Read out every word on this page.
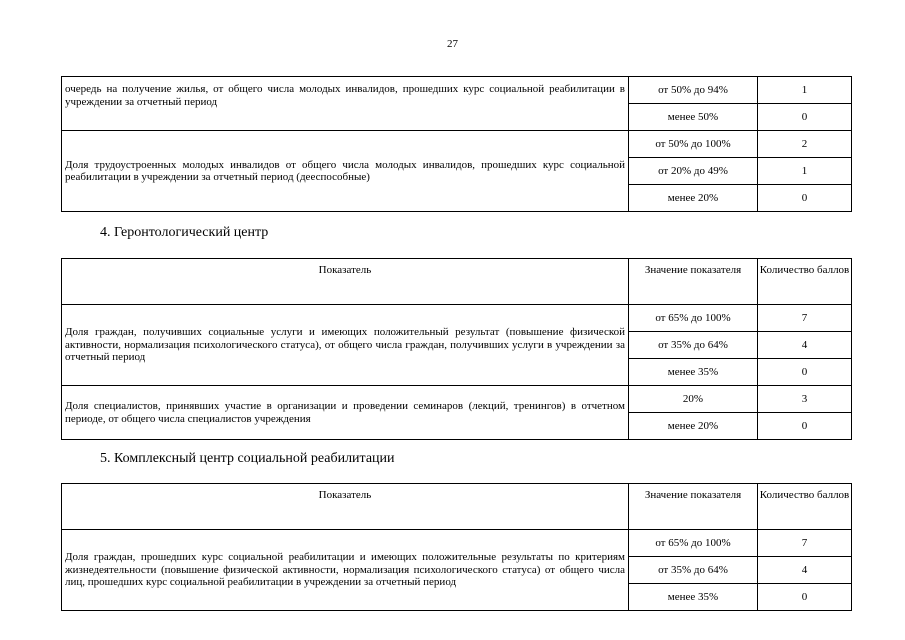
27
очередь на получение жилья, от общего числа молодых инвалидов, прошедших курс социальной реабилитации в учреждении за отчетный период	от 50% до 94%	1
	менее 50%	0
Доля трудоустроенных молодых инвалидов от общего числа молодых инвалидов, прошедших курс социальной реабилитации в учреждении за отчетный период (дееспособные)	от 50% до 100%	2
	от 20% до 49%	1
	менее 20%	0
4. Геронтологический центр
Показатель	Значение показателя	Количество баллов
Доля граждан, получивших социальные услуги и имеющих положительный результат (повышение физической активности, нормализация психологического статуса), от общего числа граждан, получивших услуги в учреждении за отчетный период	от 65% до 100%	7
	от 35% до 64%	4
	менее 35%	0
Доля специалистов, принявших участие в организации и проведении семинаров (лекций, тренингов) в отчетном периоде, от общего числа специалистов учреждения	20%	3
	менее 20%	0
5. Комплексный центр социальной реабилитации
Показатель	Значение показателя	Количество баллов
Доля граждан, прошедших курс социальной реабилитации и имеющих положительные результаты по критериям жизнедеятельности (повышение физической активности, нормализация психологического статуса) от общего числа лиц, прошедших курс социальной реабилитации в учреждении за отчетный период	от 65% до 100%	7
	от 35% до 64%	4
	менее 35%	0
